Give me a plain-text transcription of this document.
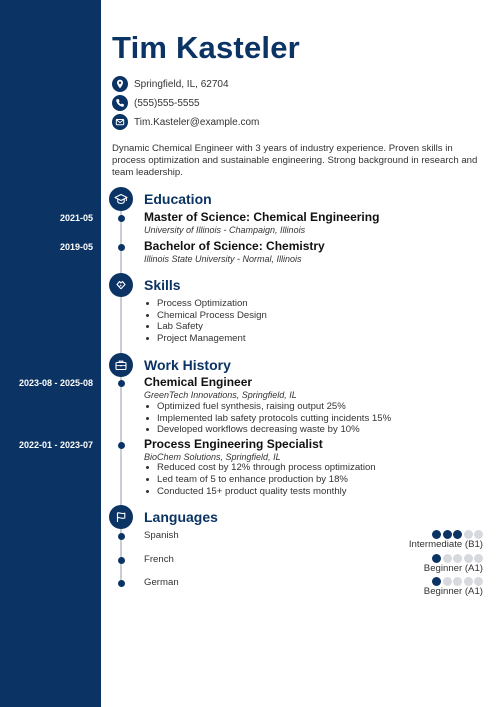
Tim Kasteler
Springfield, IL, 62704
(555)555-5555
Tim.Kasteler@example.com
Dynamic Chemical Engineer with 3 years of industry experience. Proven skills in process optimization and sustainable engineering. Strong background in research and team leadership.
Education
2021-05	Master of Science: Chemical Engineering
University of Illinois - Champaign, Illinois
2019-05	Bachelor of Science: Chemistry
Illinois State University - Normal, Illinois
Skills
Process Optimization
Chemical Process Design
Lab Safety
Project Management
Work History
2023-08 - 2025-08	Chemical Engineer
GreenTech Innovations, Springfield, IL
Optimized fuel synthesis, raising output 25%
Implemented lab safety protocols cutting incidents 15%
Developed workflows decreasing waste by 10%
2022-01 - 2023-07	Process Engineering Specialist
BioChem Solutions, Springfield, IL
Reduced cost by 12% through process optimization
Led team of 5 to enhance production by 18%
Conducted 15+ product quality tests monthly
Languages
Spanish
Intermediate (B1)
French
Beginner (A1)
German
Beginner (A1)
